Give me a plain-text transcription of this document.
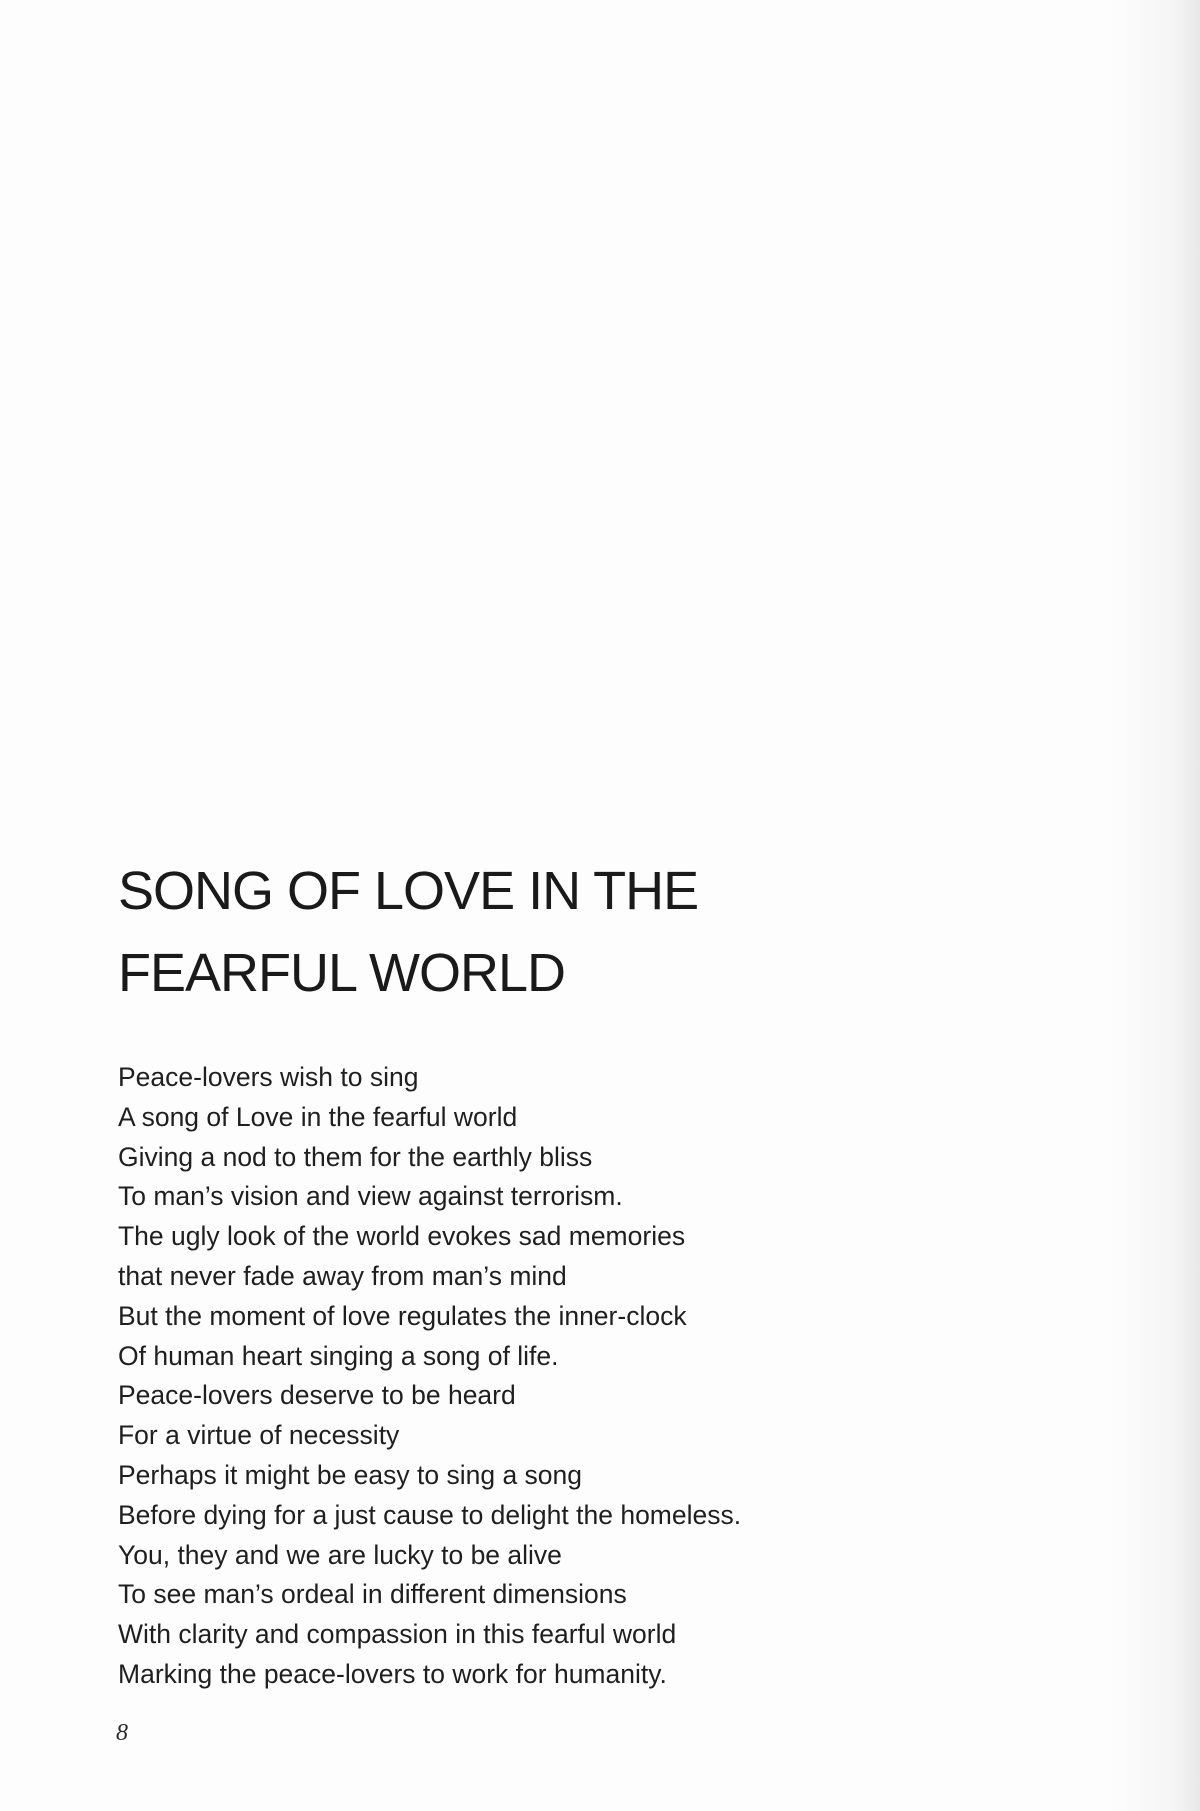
SONG OF LOVE IN THE
FEARFUL WORLD
Peace-lovers wish to sing
A song of Love in the fearful world
Giving a nod to them for the earthly bliss
To man’s vision and view against terrorism.
The ugly look of the world evokes sad memories
that never fade away from man’s mind
But the moment of love regulates the inner-clock
Of human heart singing a song of life.
Peace-lovers deserve to be heard
For a virtue of necessity
Perhaps it might be easy to sing a song
Before dying for a just cause to delight the homeless.
You, they and we are lucky to be alive
To see man’s ordeal in different dimensions
With clarity and compassion in this fearful world
Marking the peace-lovers to work for humanity.
8
